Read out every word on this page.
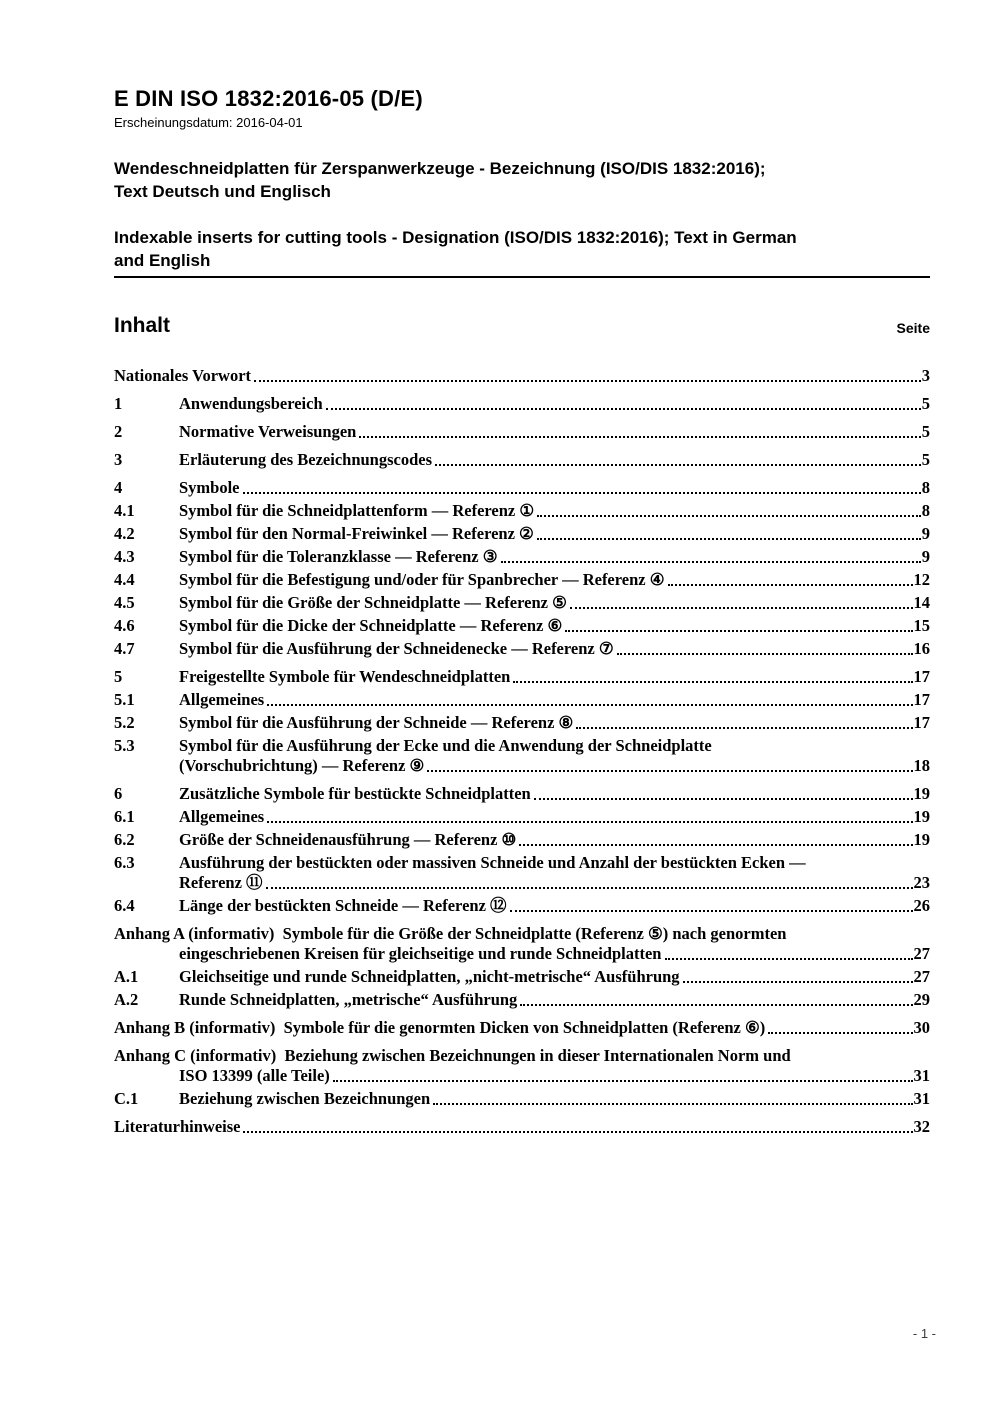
E DIN ISO 1832:2016-05 (D/E)
Erscheinungsdatum: 2016-04-01
Wendeschneidplatten für Zerspanwerkzeuge - Bezeichnung (ISO/DIS 1832:2016);
Text Deutsch und Englisch
Indexable inserts for cutting tools - Designation (ISO/DIS 1832:2016); Text in German
and English
Inhalt	Seite
Nationales Vorwort	3
1	Anwendungsbereich	5
2	Normative Verweisungen	5
3	Erläuterung des Bezeichnungscodes	5
4	Symbole	8
4.1	Symbol für die Schneidplattenform — Referenz ①	8
4.2	Symbol für den Normal-Freiwinkel — Referenz ②	9
4.3	Symbol für die Toleranzklasse — Referenz ③	9
4.4	Symbol für die Befestigung und/oder für Spanbrecher — Referenz ④	12
4.5	Symbol für die Größe der Schneidplatte — Referenz ⑤	14
4.6	Symbol für die Dicke der Schneidplatte — Referenz ⑥	15
4.7	Symbol für die Ausführung der Schneidenecke — Referenz ⑦	16
5	Freigestellte Symbole für Wendeschneidplatten	17
5.1	Allgemeines	17
5.2	Symbol für die Ausführung der Schneide — Referenz ⑧	17
5.3	Symbol für die Ausführung der Ecke und die Anwendung der Schneidplatte
(Vorschubrichtung) — Referenz ⑨	18
6	Zusätzliche Symbole für bestückte Schneidplatten	19
6.1	Allgemeines	19
6.2	Größe der Schneidenausführung — Referenz ⑩	19
6.3	Ausführung der bestückten oder massiven Schneide und Anzahl der bestückten Ecken —
Referenz ⑪	23
6.4	Länge der bestückten Schneide — Referenz ⑫	26
Anhang A (informativ)  Symbole für die Größe der Schneidplatte (Referenz ⑤) nach genormten
eingeschriebenen Kreisen für gleichseitige und runde Schneidplatten	27
A.1	Gleichseitige und runde Schneidplatten, „nicht-metrische“ Ausführung	27
A.2	Runde Schneidplatten, „metrische“ Ausführung	29
Anhang B (informativ)  Symbole für die genormten Dicken von Schneidplatten (Referenz ⑥)	30
Anhang C (informativ)  Beziehung zwischen Bezeichnungen in dieser Internationalen Norm und
ISO 13399 (alle Teile)	31
C.1	Beziehung zwischen Bezeichnungen	31
Literaturhinweise	32
- 1 -
